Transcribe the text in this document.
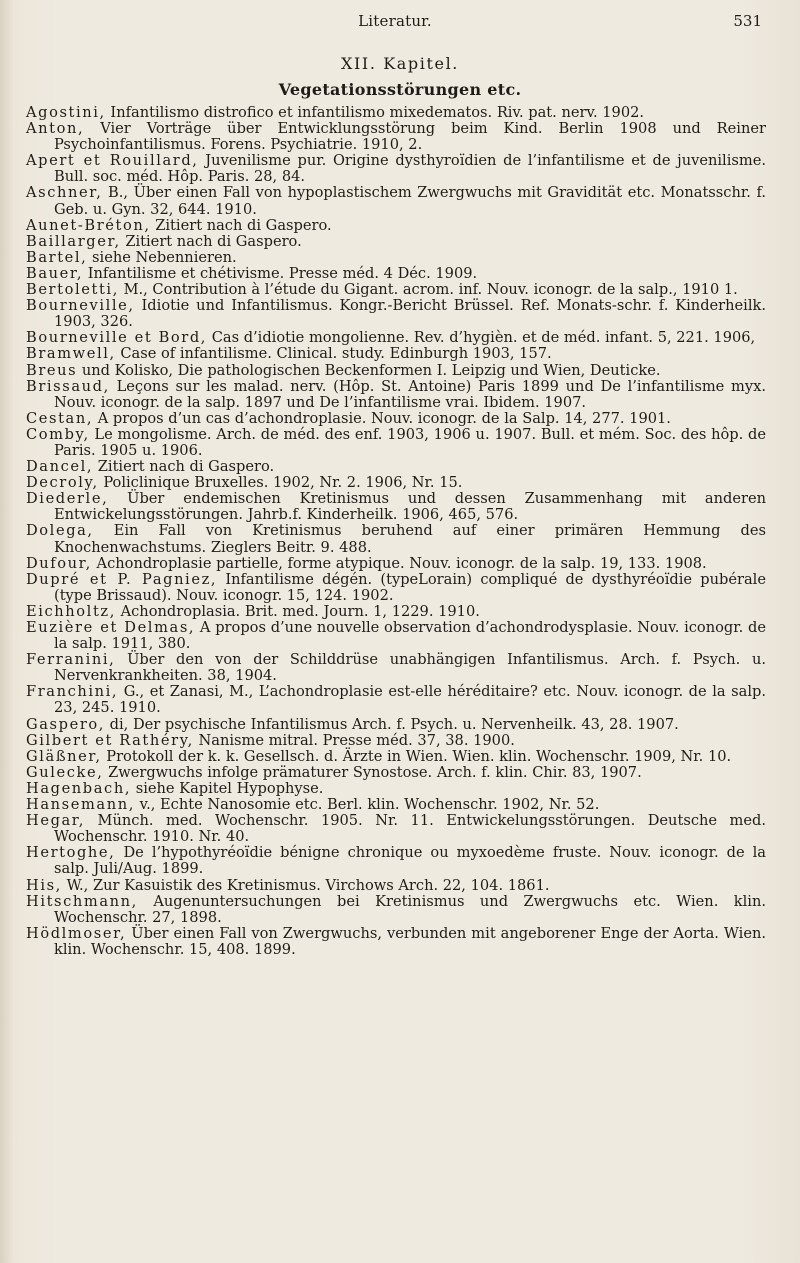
Literatur.	531
XII. Kapitel.
Vegetationsstörungen etc.
Agostini, Infantilismo distrofico et infantilismo mixedematos. Riv. pat. nerv. 1902.
Anton, Vier Vorträge über Entwicklungsstörung beim Kind. Berlin 1908 und Reiner Psychoinfantilismus. Forens. Psychiatrie. 1910, 2.
Apert et Rouillard, Juvenilisme pur. Origine dysthyroïdien de l’infantilisme et de juvenilisme. Bull. soc. méd. Hôp. Paris. 28, 84.
Aschner, B., Über einen Fall von hypoplastischem Zwergwuchs mit Gravidität etc. Monatsschr. f. Geb. u. Gyn. 32, 644. 1910.
Aunet-Bréton, Zitiert nach di Gaspero.
Baillarger, Zitiert nach di Gaspero.
Bartel, siehe Nebennieren.
Bauer, Infantilisme et chétivisme. Presse méd. 4 Déc. 1909.
Bertoletti, M., Contribution à l’étude du Gigant. acrom. inf. Nouv. iconogr. de la salp., 1910 1.
Bourneville, Idiotie und Infantilismus. Kongr.-Bericht Brüssel. Ref. Monats-schr. f. Kinderheilk. 1903, 326.
Bourneville et Bord, Cas d’idiotie mongolienne. Rev. d’hygièn. et de méd. infant. 5, 221. 1906,
Bramwell, Case of infantilisme. Clinical. study. Edinburgh 1903, 157.
Breus und Kolisko, Die pathologischen Beckenformen I. Leipzig und Wien, Deuticke.
Brissaud, Leçons sur les malad. nerv. (Hôp. St. Antoine) Paris 1899 und De l’infantilisme myx. Nouv. iconogr. de la salp. 1897 und De l’infantilisme vrai. Ibidem. 1907.
Cestan, A propos d’un cas d’achondroplasie. Nouv. iconogr. de la Salp. 14, 277. 1901.
Comby, Le mongolisme. Arch. de méd. des enf. 1903, 1906 u. 1907. Bull. et mém. Soc. des hôp. de Paris. 1905 u. 1906.
Dancel, Zitiert nach di Gaspero.
Decroly, Policlinique Bruxelles. 1902, Nr. 2. 1906, Nr. 15.
Diederle, Über endemischen Kretinismus und dessen Zusammenhang mit anderen Entwickelungsstörungen. Jahrb.f. Kinderheilk. 1906, 465, 576.
Dolega, Ein Fall von Kretinismus beruhend auf einer primären Hemmung des Knochenwachstums. Zieglers Beitr. 9. 488.
Dufour, Achondroplasie partielle, forme atypique. Nouv. iconogr. de la salp. 19, 133. 1908.
Dupré et P. Pagniez, Infantilisme dégén. (typeLorain) compliqué de dysthyréoïdie pubérale (type Brissaud). Nouv. iconogr. 15, 124. 1902.
Eichholtz, Achondroplasia. Brit. med. Journ. 1, 1229. 1910.
Euzière et Delmas, A propos d’une nouvelle observation d’achondrodysplasie. Nouv. iconogr. de la salp. 1911, 380.
Ferranini, Über den von der Schilddrüse unabhängigen Infantilismus. Arch. f. Psych. u. Nervenkrankheiten. 38, 1904.
Franchini, G., et Zanasi, M., L’achondroplasie est-elle héréditaire? etc. Nouv. iconogr. de la salp. 23, 245. 1910.
Gaspero, di, Der psychische Infantilismus Arch. f. Psych. u. Nervenheilk. 43, 28. 1907.
Gilbert et Rathéry, Nanisme mitral. Presse méd. 37, 38. 1900.
Gläßner, Protokoll der k. k. Gesellsch. d. Ärzte in Wien. Wien. klin. Wochenschr. 1909, Nr. 10.
Gulecke, Zwergwuchs infolge prämaturer Synostose. Arch. f. klin. Chir. 83, 1907.
Hagenbach, siehe Kapitel Hypophyse.
Hansemann, v., Echte Nanosomie etc. Berl. klin. Wochenschr. 1902, Nr. 52.
Hegar, Münch. med. Wochenschr. 1905. Nr. 11. Entwickelungsstörungen. Deutsche med. Wochenschr. 1910. Nr. 40.
Hertoghe, De l’hypothyréoïdie bénigne chronique ou myxoedème fruste. Nouv. iconogr. de la salp. Juli/Aug. 1899.
His, W., Zur Kasuistik des Kretinismus. Virchows Arch. 22, 104. 1861.
Hitschmann, Augenuntersuchungen bei Kretinismus und Zwergwuchs etc. Wien. klin. Wochenschr. 27, 1898.
Hödlmoser, Über einen Fall von Zwergwuchs, verbunden mit angeborener Enge der Aorta. Wien. klin. Wochenschr. 15, 408. 1899.
